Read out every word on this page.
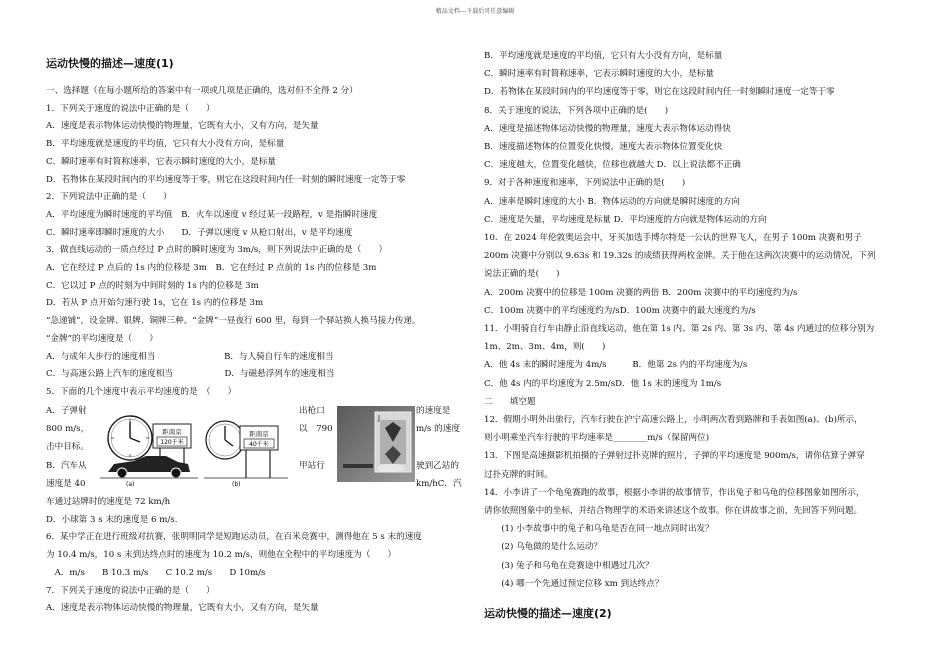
精品文档---下载后可任意编辑
运动快慢的描述—速度(1)
一、选择题（在每小题所给的答案中有一项或几项是正确的，选对但不全得 2 分）
1．下列关于速度的说法中正确的是（　　）
A．速度是表示物体运动快慢的物理量，它既有大小，又有方向，是矢量
B．平均速度就是速度的平均值，它只有大小没有方向，是标量
C．瞬时速率有时简称速率，它表示瞬时速度的大小，是标量
D．若物体在某段时间内的平均速度等于零，则它在这段时间内任一时刻的瞬时速度一定等于零
2．下列说法中正确的是（　　）
A．平均速度为瞬时速度的平均值　B．火车以速度 v 经过某一段路程，v 是指瞬时速度
C．瞬时速率即瞬时速度的大小　　D．子弹以速度 v 从枪口射出，v 是平均速度
3．做直线运动的一质点经过 P 点时的瞬时速度为 3m/s，则下列说法中正确的是（　　）
A．它在经过 P 点后的 1s 内的位移是 3m　B．它在经过 P 点前的 1s 内的位移是 3m
C．它以过 P 点的时刻为中间时刻的 1s 内的位移是 3m
D．若从 P 点开始匀速行驶 1s，它在 1s 内的位移是 3m
“急递铺”，设金牌、银牌、铜牌三种。“金牌”一昼夜行 600 里，每到一个驿站换人换马接力传递。
“金牌”的平均速度是（　　）
A．与成年人步行的速度相当　　　　　　　　B．与人骑自行车的速度相当
C．与高速公路上汽车的速度相当　　　　　　D．与磁悬浮列车的速度相当
5．下面的几个速度中表示平均速度的是　（　　）
车通过站牌时的速度是 72 km/h
D．小球第 3 s 末的速度是 6 m/s．
6．某中学正在进行班级对抗赛，张明明同学是短跑运动员，在百米竞赛中，测得他在 5 s 末的速度
为 10.4 m/s，10 s 末到达终点时的速度为 10.2 m/s，则他在全程中的平均速度为（　　）
　A．m/s　　B 10.3 m/s　　C 10.2 m/s　　D 10m/s
7．下列关于速度的说法中正确的是（　　）
A．速度是表示物体运动快慢的物理量，它既有大小，又有方向，是矢量
A．子弹射
800 m/s，
击中目标。
B．汽车从
速度是 40
出枪口
以　790
甲站行
的速度是
m/s 的速度
驶到乙站的
km/hC．汽
距南京
120千米
(a)
距南京
40千米
(b)
J
B．平均速度就是速度的平均值，它只有大小没有方向，是标量
C．瞬时速率有时简称速率，它表示瞬时速度的大小，是标量
D．若物体在某段时间内的平均速度等于零，则它在这段时间内任一时刻瞬时速度一定等于零
8．关于速度的说法，下列各项中正确的是(　　)
A．速度是描述物体运动快慢的物理量，速度大表示物体运动得快
B．速度描述物体的位置变化快慢，速度大表示物体位置变化快
C．速度越大，位置变化越快，位移也就越大 D．以上说法都不正确
9．对于各种速度和速率，下列说法中正确的是(　　)
A．速率是瞬时速度的大小 B．物体运动的方向就是瞬时速度的方向
C．速度是矢量，平均速度是标量 D．平均速度的方向就是物体运动的方向
10．在 2024 年伦敦奥运会中，牙买加选手博尔特是一公认的世界飞人，在男子 100m 决赛和男子
200m 决赛中分别以 9.63s 和 19.32s 的成绩获得两枚金牌。关于他在这两次决赛中的运动情况，下列
说法正确的是(　　)
A．200m 决赛中的位移是 100m 决赛的两倍 B．200m 决赛中的平均速度约为/s
C．100m 决赛中的平均速度约为/sD．100m 决赛中的最大速度约为/s
11．小明骑自行车由静止沿直线运动，他在第 1s 内、第 2s 内、第 3s 内、第 4s 内通过的位移分别为
1m、2m、3m、4m，则(　　)
A．他 4s 末的瞬时速度为 4m/s　　　B．他第 2s 内的平均速度为/s
C．他 4s 内的平均速度为 2.5m/sD．他 1s 末的速度为 1m/s
二　　填空题
12．假期小明外出旅行，汽车行驶在沪宁高速公路上，小明两次看到路牌和手表如图(a)、(b)所示，
则小明乘坐汽车行驶的平均速率是________m/s（保留两位)
13．下图是高速摄影机拍摄的子弹射过扑克牌的照片，子弹的平均速度是 900m/s，请你估算子弹穿
过扑克牌的时间。
14．小李讲了一个龟兔赛跑的故事，根据小李讲的故事情节，作出兔子和乌龟的位移图象如图所示，
请你依照图象中的坐标，并结合物理学的术语来讲述这个故事。你在讲故事之前，先回答下列问题。
　　(1) 小李故事中的兔子和乌龟是否在同一地点同时出发？
　　(2) 乌龟做的是什么运动？
　　(3) 兔子和乌龟在竞赛途中相遇过几次？
　　(4) 哪一个先通过预定位移 xm 到达终点？
运动快慢的描述—速度(2)
